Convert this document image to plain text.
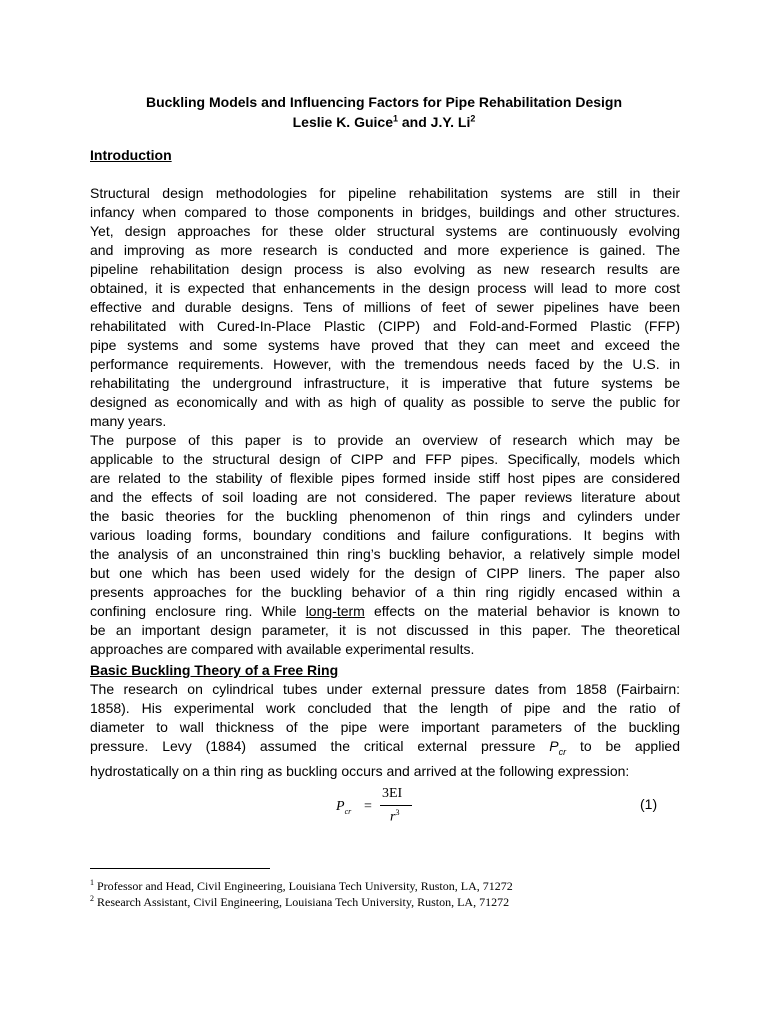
Buckling Models and Influencing Factors for Pipe Rehabilitation Design
Leslie K. Guice$^1$ and J.Y. Li$^2$
Introduction
Structural design methodologies for pipeline rehabilitation systems are still in their
infancy when compared to those components in bridges, buildings and other structures.
Yet, design approaches for these older structural systems are continuously evolving
and improving as more research is conducted and more experience is gained. The
pipeline rehabilitation design process is also evolving as new research results are
obtained, it is expected that enhancements in the design process will lead to more cost
effective and durable designs. Tens of millions of feet of sewer pipelines have been
rehabilitated with Cured-In-Place Plastic (CIPP) and Fold-and-Formed Plastic (FFP)
pipe systems and some systems have proved that they can meet and exceed the
performance requirements. However, with the tremendous needs faced by the U.S. in
rehabilitating the underground infrastructure, it is imperative that future systems be
designed as economically and with as high of quality as possible to serve the public for
many years.
The purpose of this paper is to provide an overview of research which may be
applicable to the structural design of CIPP and FFP pipes. Specifically, models which
are related to the stability of flexible pipes formed inside stiff host pipes are considered
and the effects of soil loading are not considered. The paper reviews literature about
the basic theories for the buckling phenomenon of thin rings and cylinders under
various loading forms, boundary conditions and failure configurations. It begins with
the analysis of an unconstrained thin ring’s buckling behavior, a relatively simple model
but one which has been used widely for the design of CIPP liners. The paper also
presents approaches for the buckling behavior of a thin ring rigidly encased within a
confining enclosure ring. While long-term effects on the material behavior is known to
be an important design parameter, it is not discussed in this paper. The theoretical
approaches are compared with available experimental results.
Basic Buckling Theory of a Free Ring
The research on cylindrical tubes under external pressure dates from 1858 (Fairbairn:
1858). His experimental work concluded that the length of pipe and the ratio of
diameter to wall thickness of the pipe were important parameters of the buckling
pressure. Levy (1884) assumed the critical external pressure $P_{cr}$ to be applied
hydrostatically on a thin ring as buckling occurs and arrived at the following expression:
$P_{cr}$ =
3EI
$r^3$
(1)
$^1$ Professor and Head, Civil Engineering, Louisiana Tech University, Ruston, LA, 71272
$^2$ Research Assistant, Civil Engineering, Louisiana Tech University, Ruston, LA, 71272
